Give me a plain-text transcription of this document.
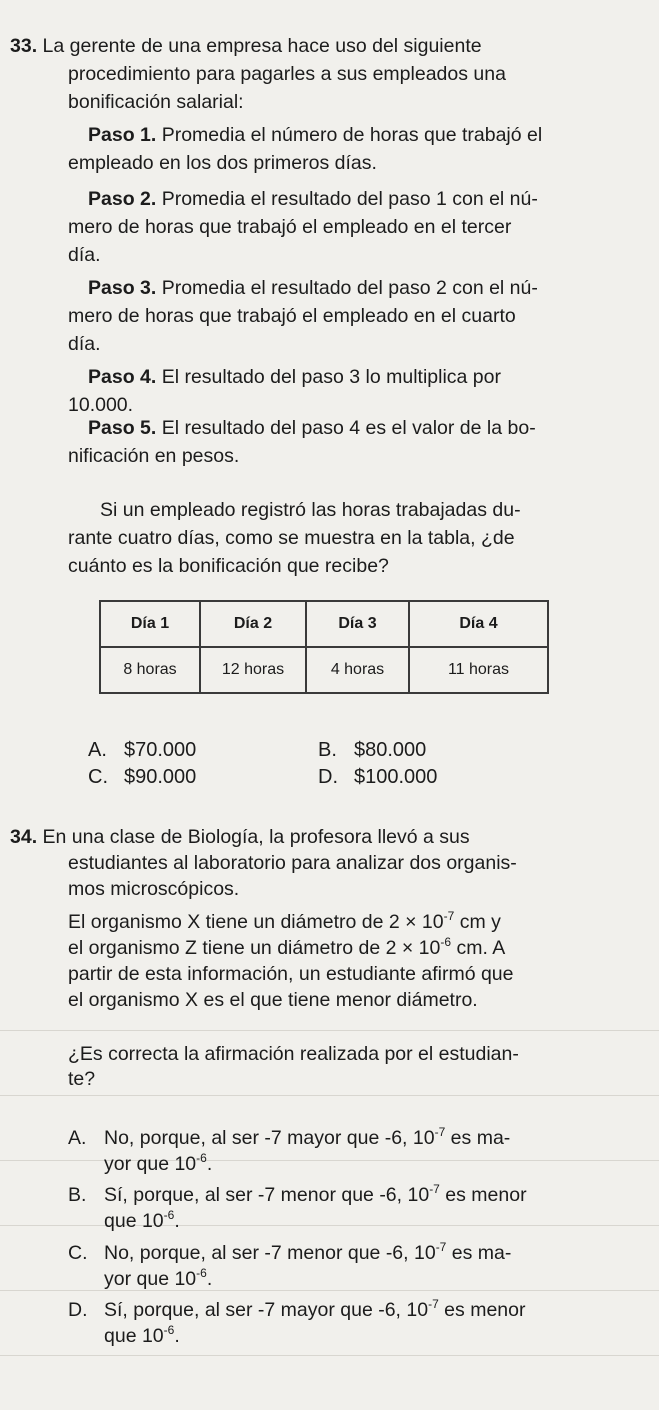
33. La gerente de una empresa hace uso del siguiente
procedimiento para pagarles a sus empleados una
bonificación salarial:
Paso 1. Promedia el número de horas que trabajó el
empleado en los dos primeros días.
Paso 2. Promedia el resultado del paso 1 con el nú-
mero de horas que trabajó el empleado en el tercer
día.
Paso 3. Promedia el resultado del paso 2 con el nú-
mero de horas que trabajó el empleado en el cuarto
día.
Paso 4. El resultado del paso 3 lo multiplica por
10.000.
Paso 5. El resultado del paso 4 es el valor de la bo-
nificación en pesos.
Si un empleado registró las horas trabajadas du-
rante cuatro días, como se muestra en la tabla, ¿de
cuánto es la bonificación que recibe?
Día 1	Día 2	Día 3	Día 4
8 horas	12 horas	4 horas	11 horas
A. $70.000	B. $80.000
C. $90.000	D. $100.000
34. En una clase de Biología, la profesora llevó a sus
estudiantes al laboratorio para analizar dos organis-
mos microscópicos.
El organismo X tiene un diámetro de $2 \times 10^{-7}$ cm y
el organismo Z tiene un diámetro de $2 \times 10^{-6}$ cm. A
partir de esta información, un estudiante afirmó que
el organismo X es el que tiene menor diámetro.
¿Es correcta la afirmación realizada por el estudian-
te?
A. No, porque, al ser -7 mayor que -6, $10^{-7}$ es ma-
yor que $10^{-6}$.
B. Sí, porque, al ser -7 menor que -6, $10^{-7}$ es menor
que $10^{-6}$.
C. No, porque, al ser -7 menor que -6, $10^{-7}$ es ma-
yor que $10^{-6}$.
D. Sí, porque, al ser -7 mayor que -6, $10^{-7}$ es menor
que $10^{-6}$.
